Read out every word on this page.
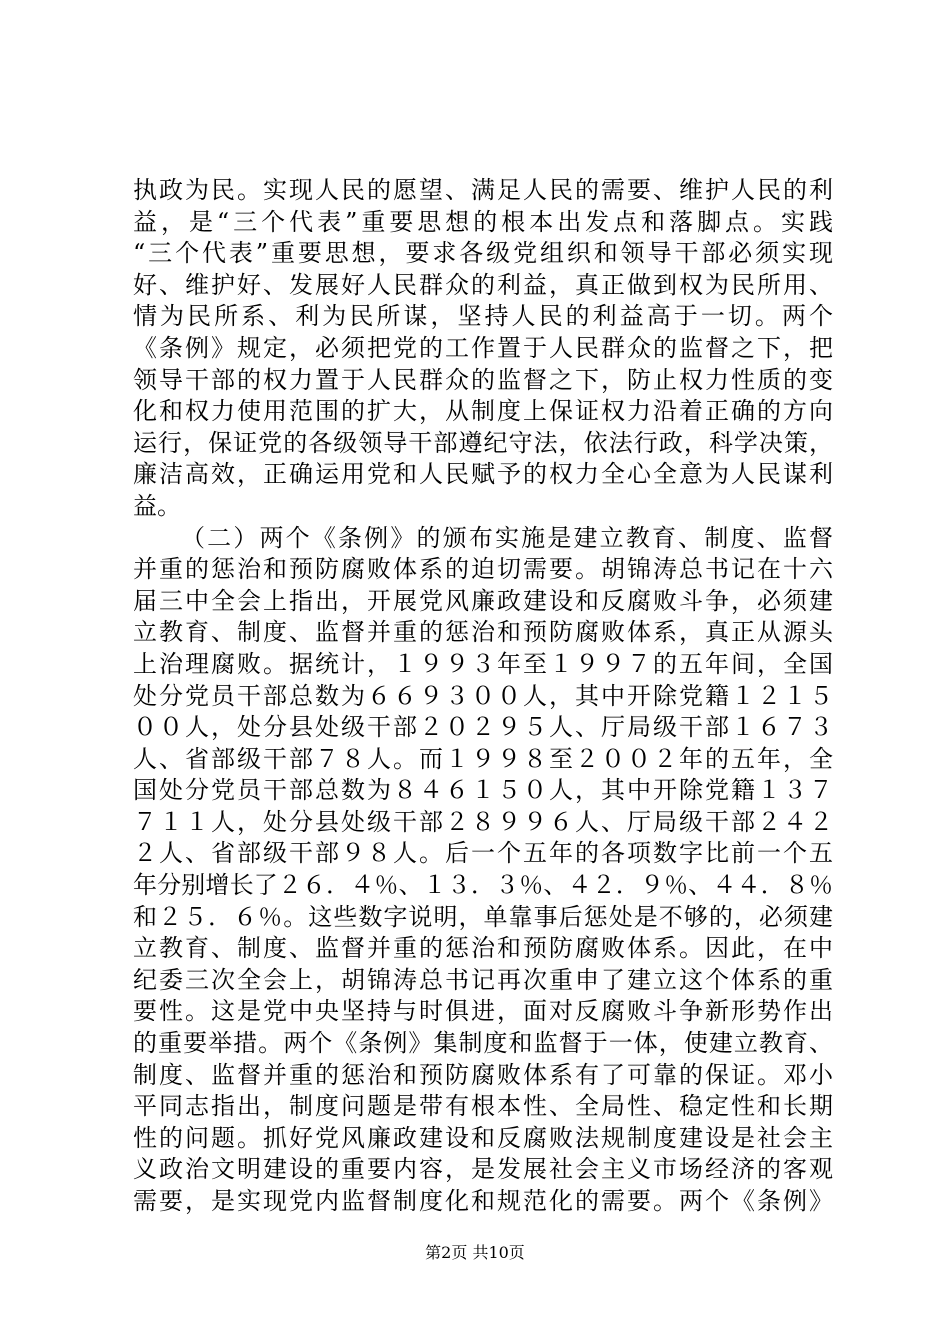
执政为民。实现人民的愿望、满足人民的需要、维护人民的利
益，是“三个代表”重要思想的根本出发点和落脚点。实践
“三个代表”重要思想，要求各级党组织和领导干部必须实现
好、维护好、发展好人民群众的利益，真正做到权为民所用、
情为民所系、利为民所谋，坚持人民的利益高于一切。两个
《条例》规定，必须把党的工作置于人民群众的监督之下，把
领导干部的权力置于人民群众的监督之下，防止权力性质的变
化和权力使用范围的扩大，从制度上保证权力沿着正确的方向
运行，保证党的各级领导干部遵纪守法，依法行政，科学决策，
廉洁高效，正确运用党和人民赋予的权力全心全意为人民谋利
益。
（二）两个《条例》的颁布实施是建立教育、制度、监督
并重的惩治和预防腐败体系的迫切需要。胡锦涛总书记在十六
届三中全会上指出，开展党风廉政建设和反腐败斗争，必须建
立教育、制度、监督并重的惩治和预防腐败体系，真正从源头
上治理腐败。据统计，１９９３年至１９９７的五年间，全国
处分党员干部总数为６６９３００人，其中开除党籍１２１５
００人，处分县处级干部２０２９５人、厅局级干部１６７３
人、省部级干部７８人。而１９９８至２００２年的五年，全
国处分党员干部总数为８４６１５０人，其中开除党籍１３７
７１１人，处分县处级干部２８９９６人、厅局级干部２４２
２人、省部级干部９８人。后一个五年的各项数字比前一个五
年分别增长了２６．４％、１３．３％、４２．９％、４４．８％
和２５．６％。这些数字说明，单靠事后惩处是不够的，必须建
立教育、制度、监督并重的惩治和预防腐败体系。因此，在中
纪委三次全会上，胡锦涛总书记再次重申了建立这个体系的重
要性。这是党中央坚持与时俱进，面对反腐败斗争新形势作出
的重要举措。两个《条例》集制度和监督于一体，使建立教育、
制度、监督并重的惩治和预防腐败体系有了可靠的保证。邓小
平同志指出，制度问题是带有根本性、全局性、稳定性和长期
性的问题。抓好党风廉政建设和反腐败法规制度建设是社会主
义政治文明建设的重要内容，是发展社会主义市场经济的客观
需要，是实现党内监督制度化和规范化的需要。两个《条例》
第2页 共10页
